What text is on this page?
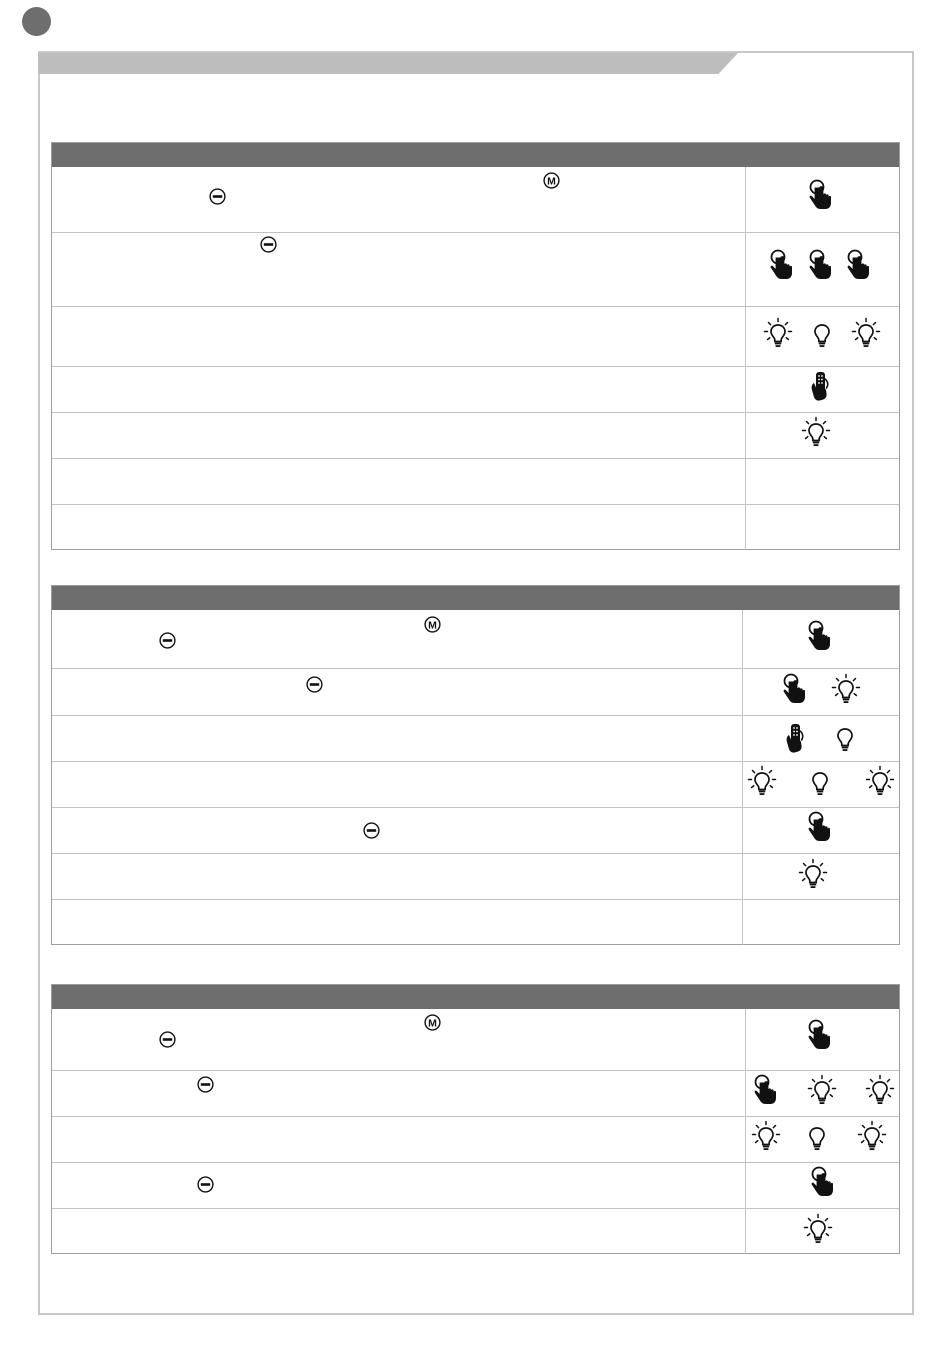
M
M
M
